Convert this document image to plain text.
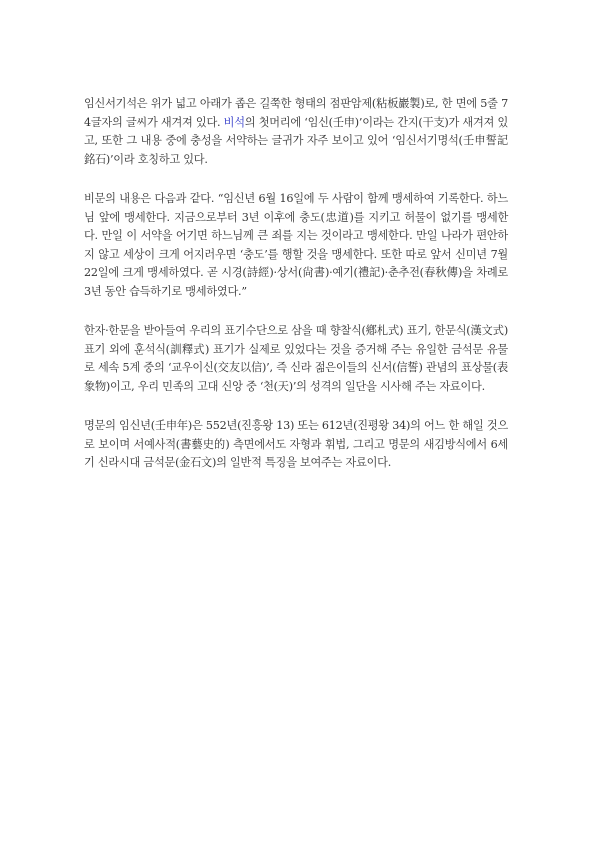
임신서기석은 위가 넓고 아래가 좁은 길쭉한 형태의 점판암제(粘板巖製)로, 한 면에 5줄 74글자의 글씨가 새겨져 있다. 비석의 첫머리에 ‘임신(壬申)’이라는 간지(干支)가 새겨져 있고, 또한 그 내용 중에 충성을 서약하는 글귀가 자주 보이고 있어 ‘임신서기명석(壬申誓記銘石)’이라 호칭하고 있다.

비문의 내용은 다음과 같다. “임신년 6월 16일에 두 사람이 함께 맹세하여 기록한다. 하느님 앞에 맹세한다. 지금으로부터 3년 이후에 충도(忠道)를 지키고 허물이 없기를 맹세한다. 만일 이 서약을 어기면 하느님께 큰 죄를 지는 것이라고 맹세한다. 만일 나라가 편안하지 않고 세상이 크게 어지러우면 ‘충도’를 행할 것을 맹세한다. 또한 따로 앞서 신미년 7월 22일에 크게 맹세하였다. 곧 시경(詩經)·상서(尙書)·예기(禮記)·춘추전(春秋傳)을 차례로 3년 동안 습득하기로 맹세하였다.”

한자·한문을 받아들여 우리의 표기수단으로 삼을 때 향찰식(鄕札式) 표기, 한문식(漢文式) 표기 외에 훈석식(訓釋式) 표기가 실제로 있었다는 것을 증거해 주는 유일한 금석문 유물로 세속 5계 중의 ‘교우이신(交友以信)’, 즉 신라 젊은이들의 신서(信誓) 관념의 표상물(表象物)이고, 우리 민족의 고대 신앙 중 ‘천(天)’의 성격의 일단을 시사해 주는 자료이다.

명문의 임신년(壬申年)은 552년(진흥왕 13) 또는 612년(진평왕 34)의 어느 한 해일 것으로 보이며 서예사적(書藝史的) 측면에서도 자형과 휘법, 그리고 명문의 새김방식에서 6세기 신라시대 금석문(金石文)의 일반적 특징을 보여주는 자료이다.
